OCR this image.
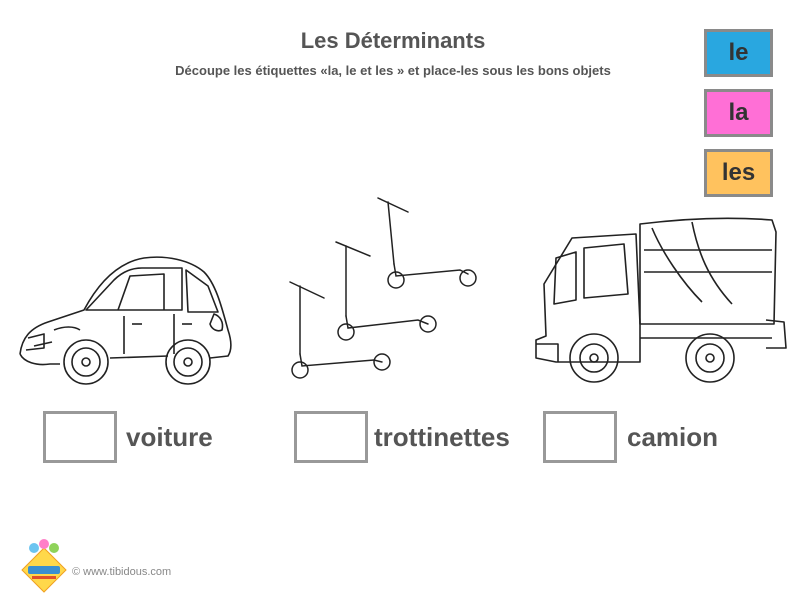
Les Déterminants
Découpe les étiquettes «la, le et les » et place-les sous les bons objets
le
la
les
voiture	trottinettes	camion
© www.tibidous.com
